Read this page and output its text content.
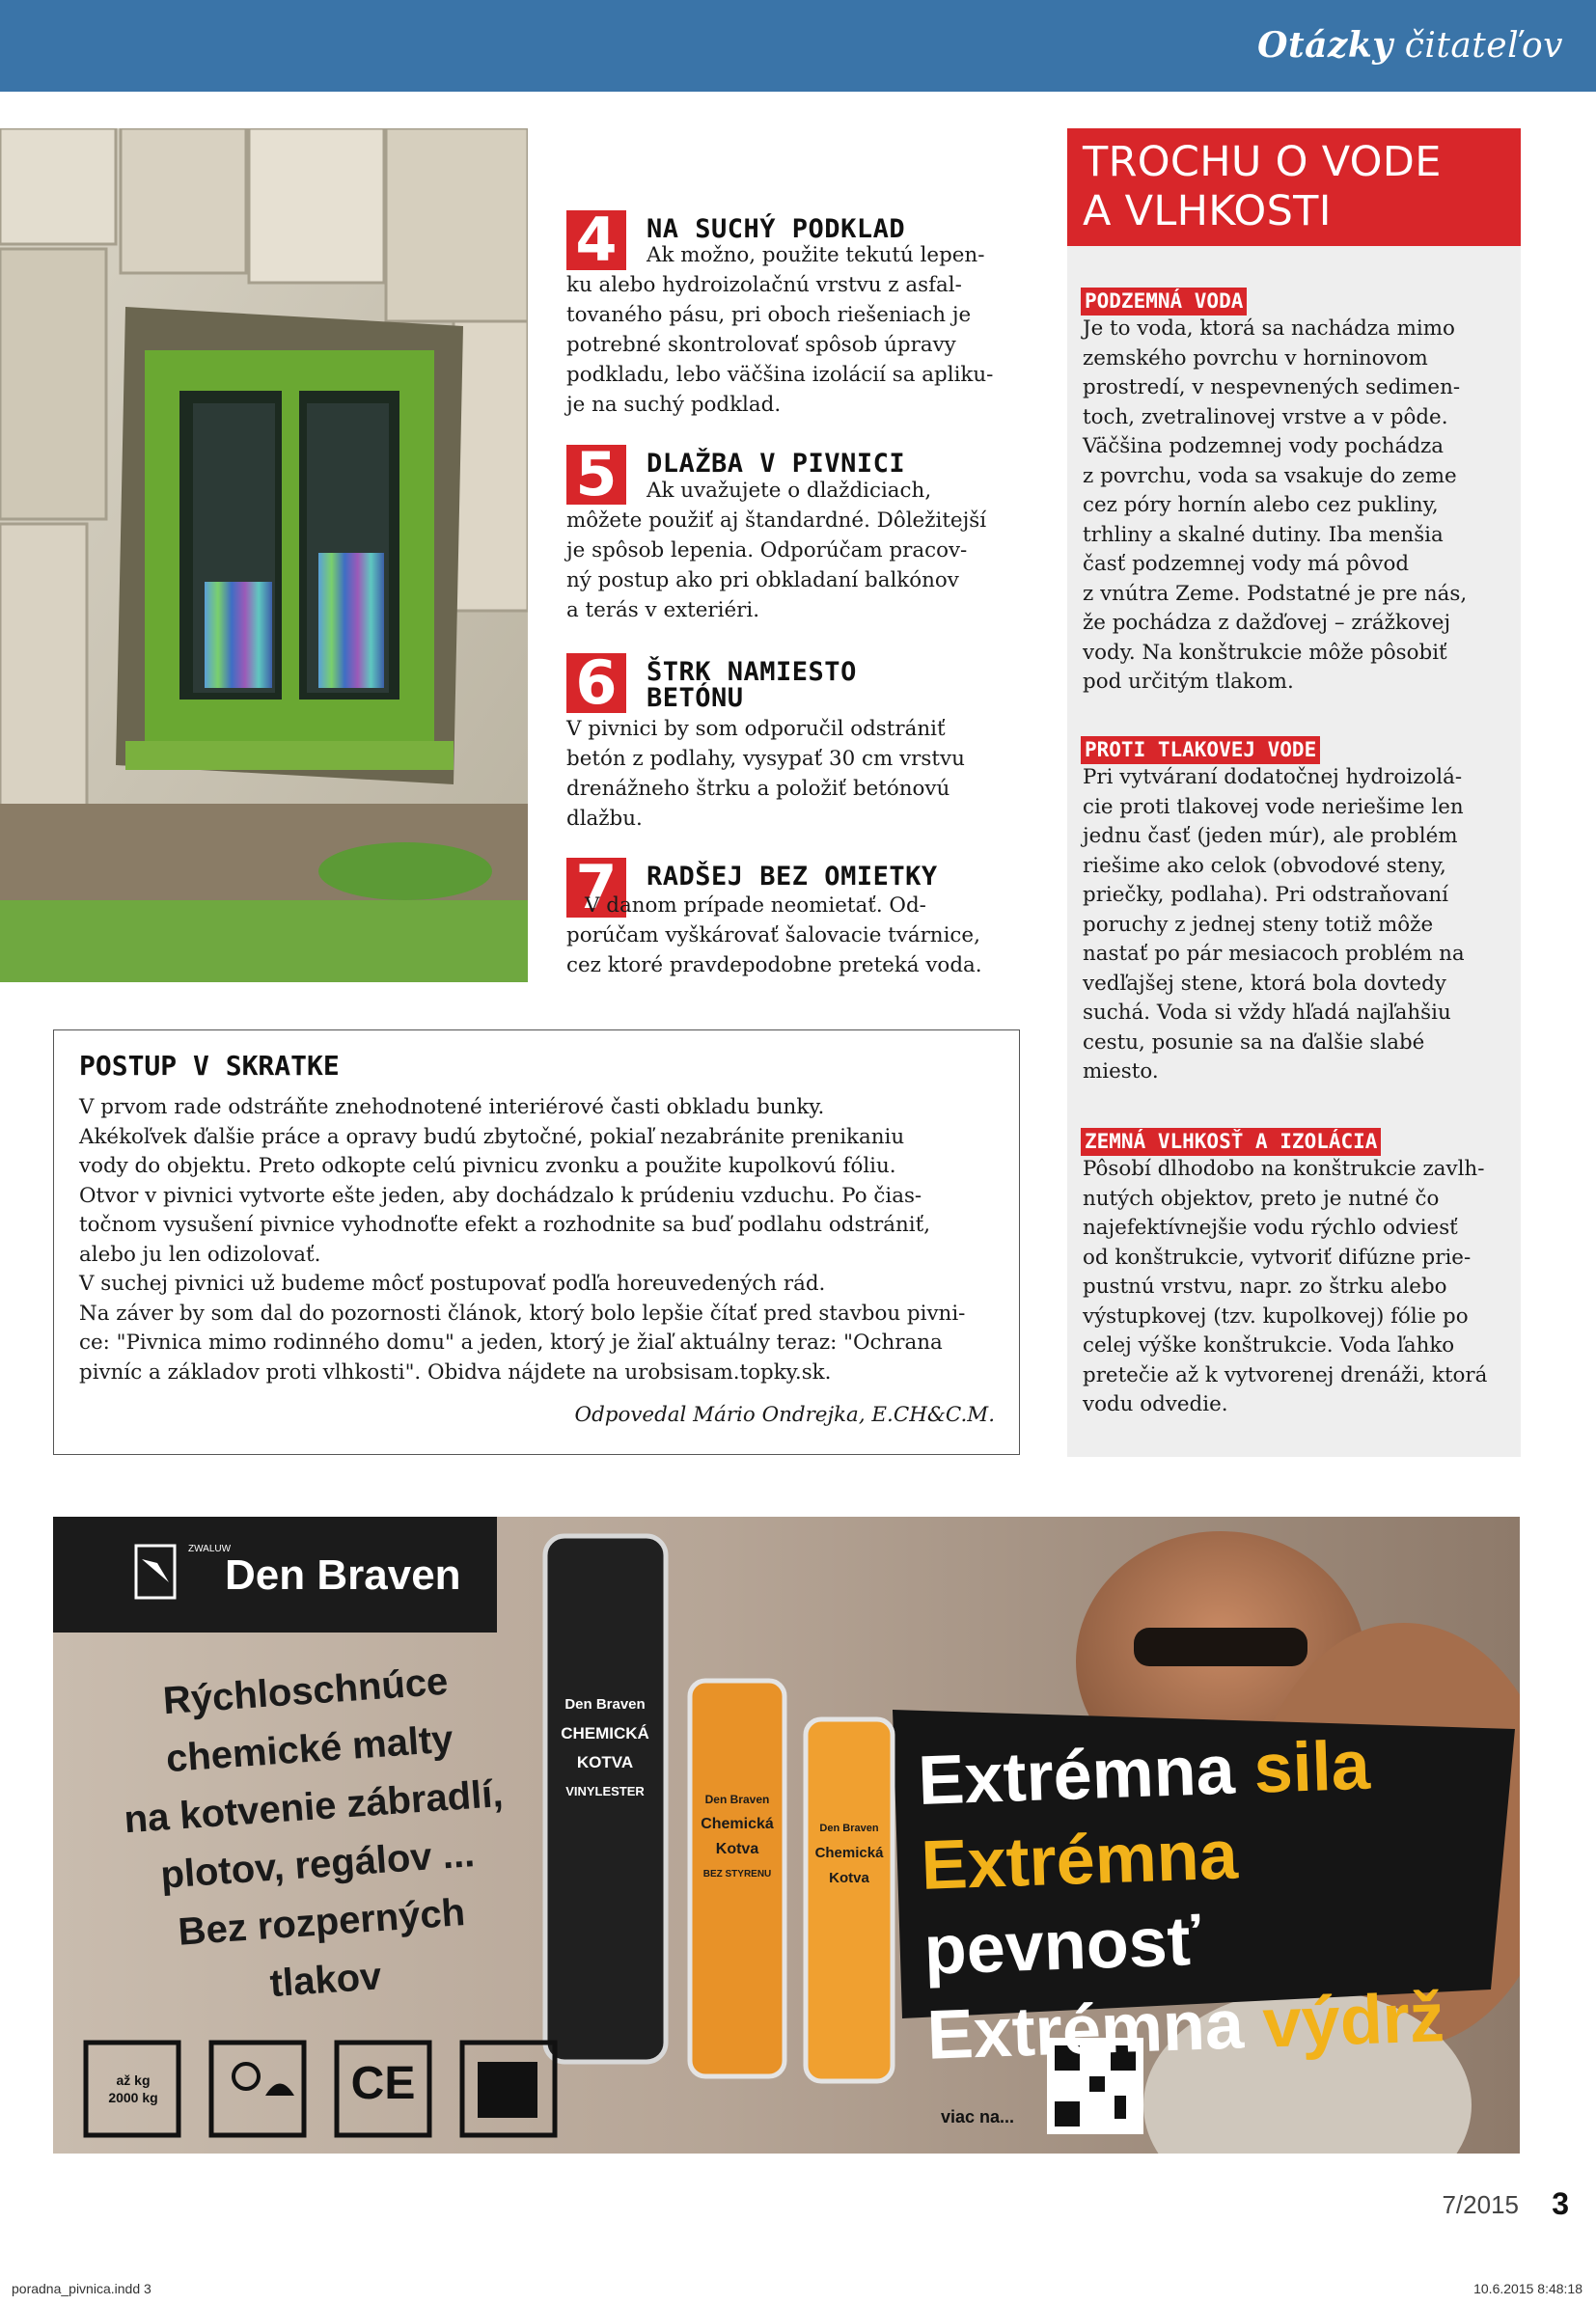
Otázky čitateľov
4	NA SUCHÝ PODKLAD
Ak možno, použite tekutú lepen-
ku alebo hydroizolačnú vrstvu z asfal-
tovaného pásu, pri oboch riešeniach je
potrebné skontrolovať spôsob úpravy
podkladu, lebo väčšina izolácií sa apliku-
je na suchý podklad.
5	DLAŽBA V PIVNICI
Ak uvažujete o dlaždiciach,
môžete použiť aj štandardné. Dôležitejší
je spôsob lepenia. Odporúčam pracov-
ný postup ako pri obkladaní balkónov
a terás v exteriéri.
6	ŠTRK NAMIESTO
BETÓNU
V pivnici by som odporučil odstrániť
betón z podlahy, vysypať 30 cm vrstvu
drenážneho štrku a položiť betónovú
dlažbu.
7	RADŠEJ BEZ OMIETKY
V danom prípade neomietať. Od-
porúčam vyškárovať šalovacie tvárnice,
cez ktoré pravdepodobne preteká voda.
POSTUP V SKRATKE
V prvom rade odstráňte znehodnotené interiérové časti obkladu bunky.
Akékoľvek ďalšie práce a opravy budú zbytočné, pokiaľ nezabránite prenikaniu
vody do objektu. Preto odkopte celú pivnicu zvonku a použite kupolkovú fóliu.
Otvor v pivnici vytvorte ešte jeden, aby dochádzalo k prúdeniu vzduchu. Po čias-
točnom vysušení pivnice vyhodnoťte efekt a rozhodnite sa buď podlahu odstrániť,
alebo ju len odizolovať.
V suchej pivnici už budeme môcť postupovať podľa horeuvedených rád.
Na záver by som dal do pozornosti článok, ktorý bolo lepšie čítať pred stavbou pivni-
ce: "Pivnica mimo rodinného domu" a jeden, ktorý je žiaľ aktuálny teraz: "Ochrana
pivníc a základov proti vlhkosti". Obidva nájdete na urobsisam.topky.sk.
Odpovedal Mário Ondrejka, E.CH&C.M.
TROCHU O VODE
A VLHKOSTI
PODZEMNÁ VODA
Je to voda, ktorá sa nachádza mimo
zemského povrchu v horninovom
prostredí, v nespevnených sedimen-
toch, zvetralinovej vrstve a v pôde.
Väčšina podzemnej vody pochádza
z povrchu, voda sa vsakuje do zeme
cez póry hornín alebo cez pukliny,
trhliny a skalné dutiny. Iba menšia
časť podzemnej vody má pôvod
z vnútra Zeme. Podstatné je pre nás,
že pochádza z dažďovej – zrážkovej
vody. Na konštrukcie môže pôsobiť
pod určitým tlakom.
PROTI TLAKOVEJ VODE
Pri vytváraní dodatočnej hydroizolá-
cie proti tlakovej vode neriešime len
jednu časť (jeden múr), ale problém
riešime ako celok (obvodové steny,
priečky, podlaha). Pri odstraňovaní
poruchy z jednej steny totiž môže
nastať po pár mesiacoch problém na
vedľajšej stene, ktorá bola dovtedy
suchá. Voda si vždy hľadá najľahšiu
cestu, posunie sa na ďalšie slabé
miesto.
ZEMNÁ VLHKOSŤ A IZOLÁCIA
Pôsobí dlhodobo na konštrukcie zavlh-
nutých objektov, preto je nutné čo
najefektívnejšie vodu rýchlo odviesť
od konštrukcie, vytvoriť difúzne prie-
pustnú vrstvu, napr. zo štrku alebo
výstupkovej (tzv. kupolkovej) fólie po
celej výške konštrukcie. Voda ľahko
pretečie až k vytvorenej drenáži, ktorá
vodu odvedie.
Den Braven
ZWALUW
Rýchloschnúce
chemické malty
na kotvenie zábradlí,
plotov, regálov ...
Bez rozperných tlakov
Extrémna sila
Extrémna pevnosť
Extrémna výdrž
Den Braven
CHEMICKÁ
KOTVA
VINYLESTER
Den Braven
Chemická
Kotva
BEZ STYRENU
Den Braven
Chemická
Kotva
až kg
2000 kg	CE
viac na...
7/2015 3
poradna_pivnica.indd 3	10.6.2015 8:48:18
